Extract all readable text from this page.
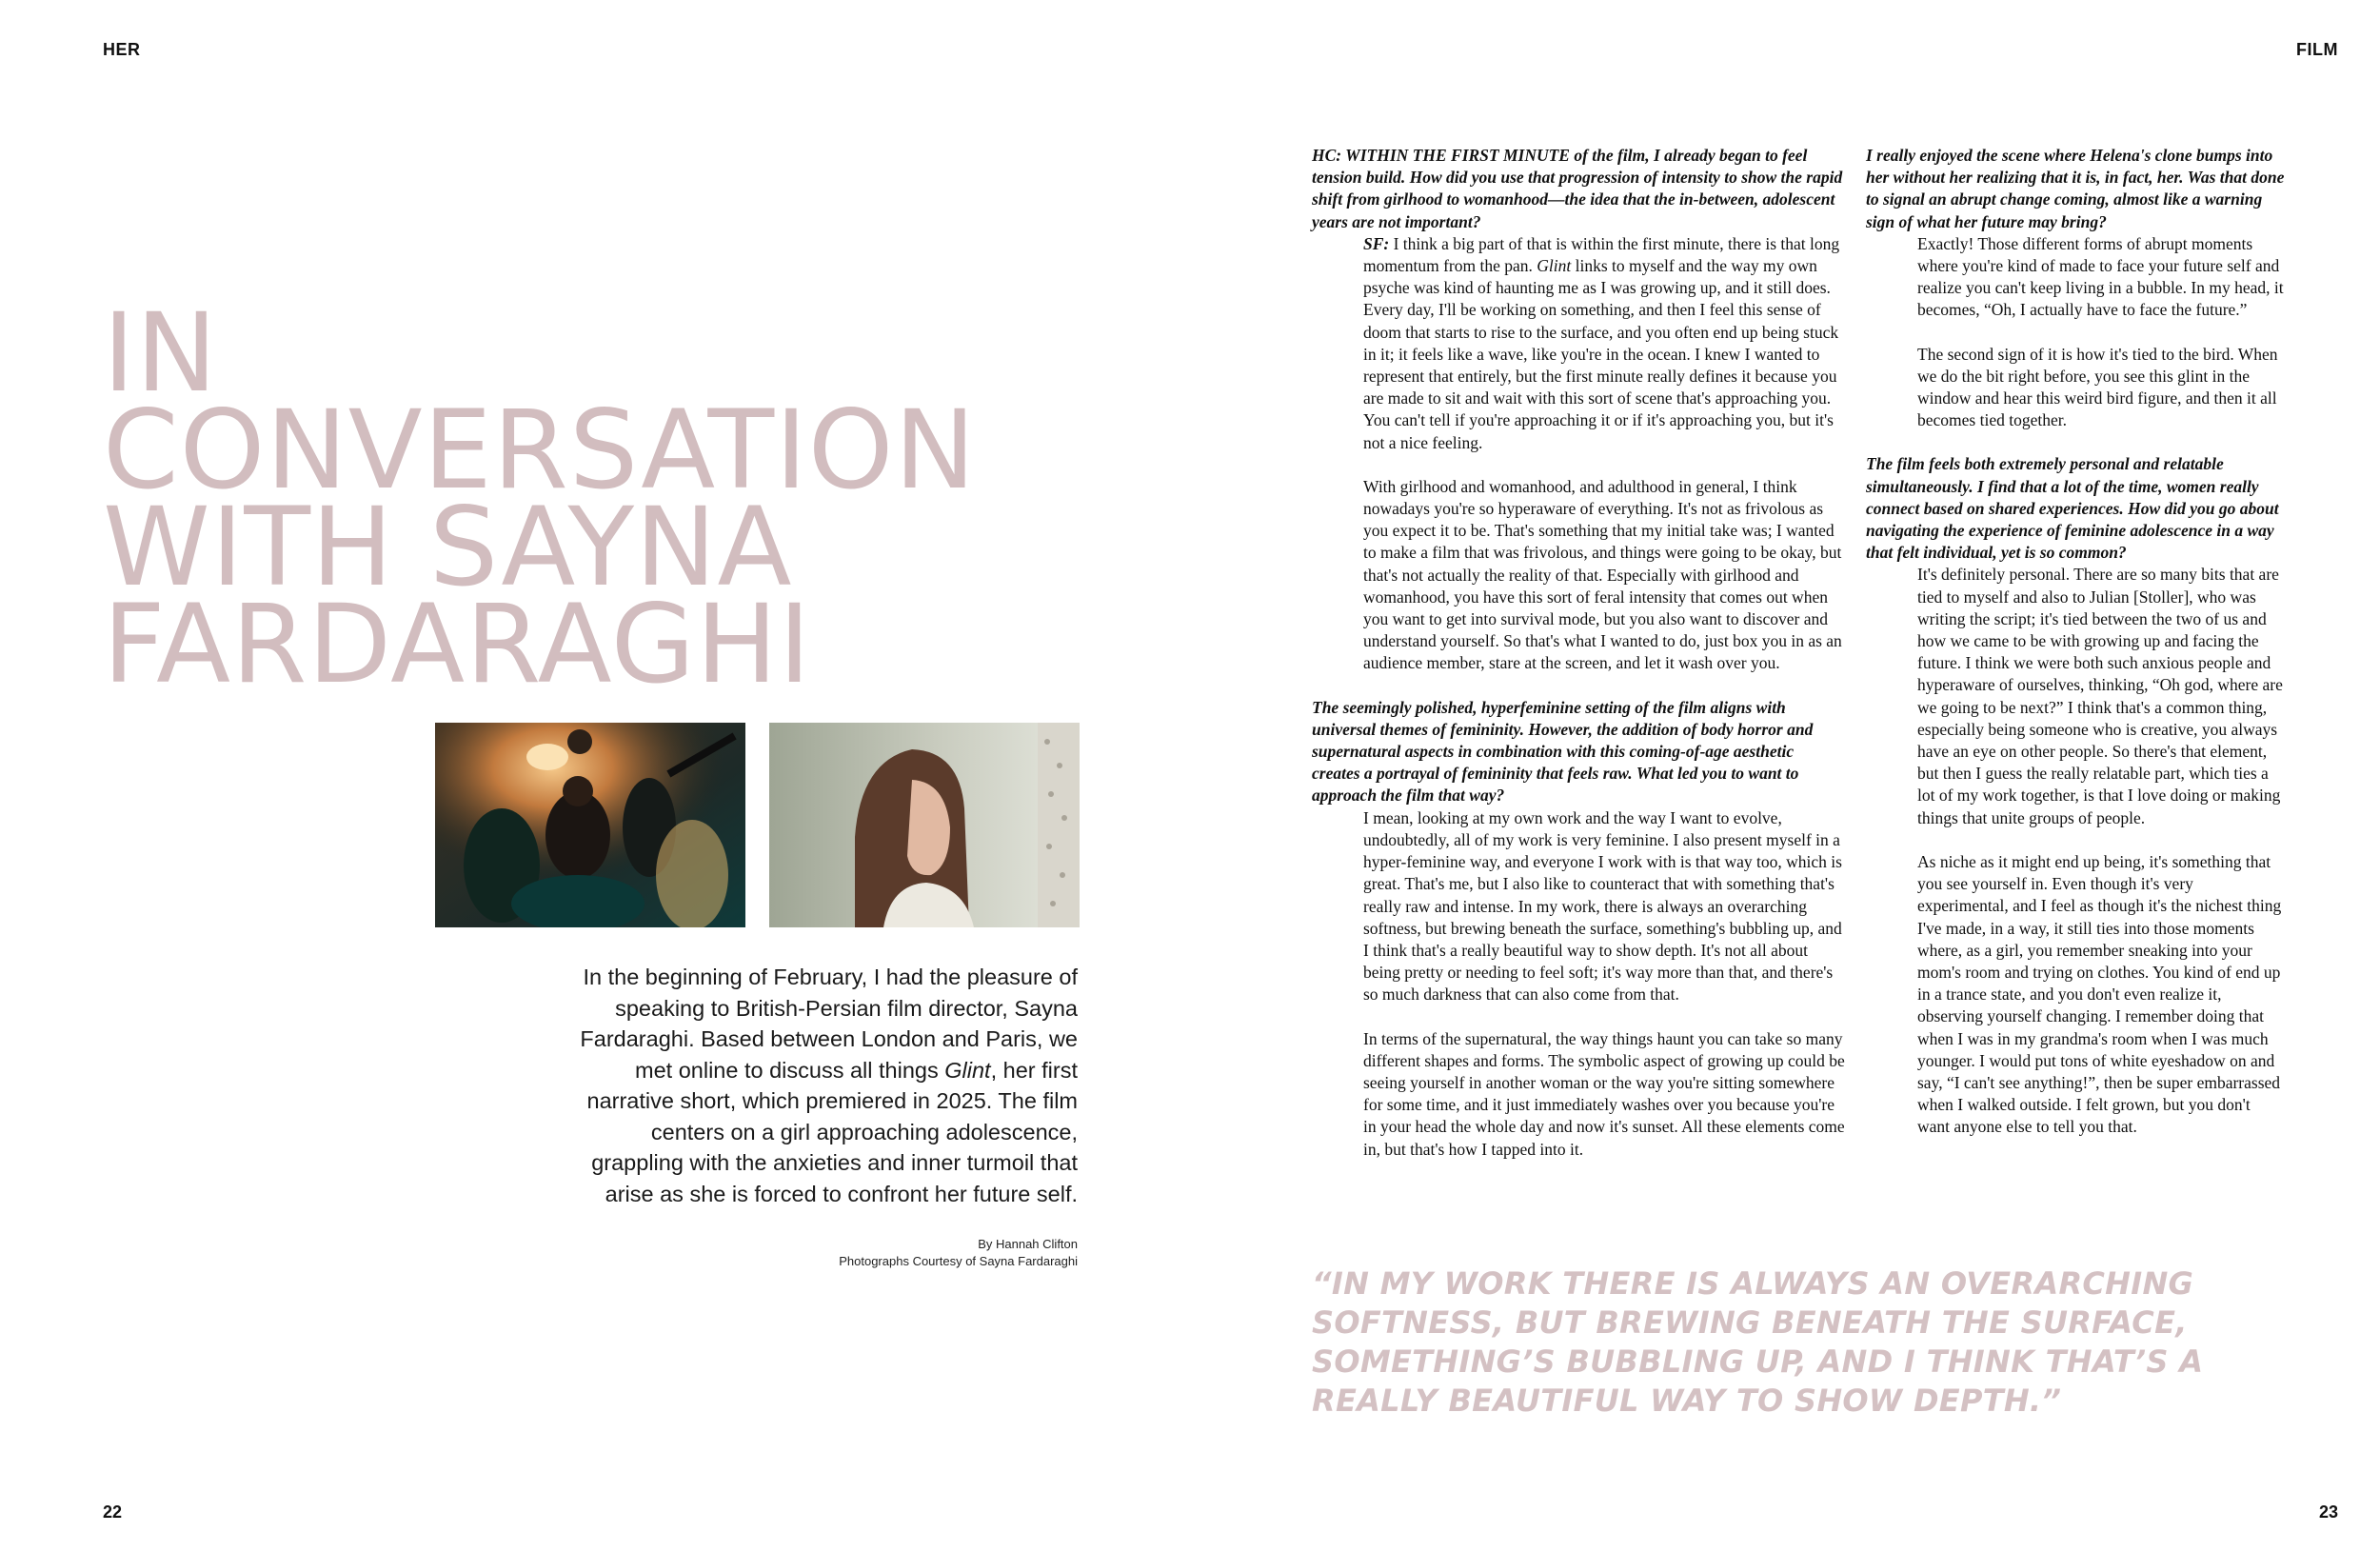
HER	FILM
IN
CONVERSATION
WITH SAYNA
FARDARAGHI
In the beginning of February, I had the pleasure of speaking to British-Persian film director, Sayna Fardaraghi. Based between London and Paris, we met online to discuss all things Glint, her first narrative short, which premiered in 2025. The film centers on a girl approaching adolescence, grappling with the anxieties and inner turmoil that arise as she is forced to confront her future self.
By Hannah Clifton
Photographs Courtesy of Sayna Fardaraghi

HC: WITHIN THE FIRST MINUTE of the film, I already began to feel tension build. How did you use that progression of intensity to show the rapid shift from girlhood to womanhood—the idea that the in-between, adolescent years are not important?

SF: I think a big part of that is within the first minute, there is that long momentum from the pan. Glint links to myself and the way my own psyche was kind of haunting me as I was growing up, and it still does. Every day, I'll be working on something, and then I feel this sense of doom that starts to rise to the surface, and you often end up being stuck in it; it feels like a wave, like you're in the ocean. I knew I wanted to represent that entirely, but the first minute really defines it because you are made to sit and wait with this sort of scene that's approaching you. You can't tell if you're approaching it or if it's approaching you, but it's not a nice feeling.

With girlhood and womanhood, and adulthood in general, I think nowadays you're so hyperaware of everything. It's not as frivolous as you expect it to be. That's something that my initial take was; I wanted to make a film that was frivolous, and things were going to be okay, but that's not actually the reality of that. Especially with girlhood and womanhood, you have this sort of feral intensity that comes out when you want to get into survival mode, but you also want to discover and understand yourself. So that's what I wanted to do, just box you in as an audience member, stare at the screen, and let it wash over you.

The seemingly polished, hyperfeminine setting of the film aligns with universal themes of femininity. However, the addition of body horror and supernatural aspects in combination with this coming-of-age aesthetic creates a portrayal of femininity that feels raw. What led you to want to approach the film that way?

I mean, looking at my own work and the way I want to evolve, undoubtedly, all of my work is very feminine. I also present myself in a hyper-feminine way, and everyone I work with is that way too, which is great. That's me, but I also like to counteract that with something that's really raw and intense. In my work, there is always an overarching softness, but brewing beneath the surface, something's bubbling up, and I think that's a really beautiful way to show depth. It's not all about being pretty or needing to feel soft; it's way more than that, and there's so much darkness that can also come from that.

In terms of the supernatural, the way things haunt you can take so many different shapes and forms. The symbolic aspect of growing up could be seeing yourself in another woman or the way you're sitting somewhere for some time, and it just immediately washes over you because you're in your head the whole day and now it's sunset. All these elements come in, but that's how I tapped into it.

I really enjoyed the scene where Helena's clone bumps into her without her realizing that it is, in fact, her. Was that done to signal an abrupt change coming, almost like a warning sign of what her future may bring?

Exactly! Those different forms of abrupt moments where you're kind of made to face your future self and realize you can't keep living in a bubble. In my head, it becomes, “Oh, I actually have to face the future.”

The second sign of it is how it's tied to the bird. When we do the bit right before, you see this glint in the window and hear this weird bird figure, and then it all becomes tied together.

The film feels both extremely personal and relatable simultaneously. I find that a lot of the time, women really connect based on shared experiences. How did you go about navigating the experience of feminine adolescence in a way that felt individual, yet is so common?

It's definitely personal. There are so many bits that are tied to myself and also to Julian [Stoller], who was writing the script; it's tied between the two of us and how we came to be with growing up and facing the future. I think we were both such anxious people and hyperaware of ourselves, thinking, “Oh god, where are we going to be next?” I think that's a common thing, especially being someone who is creative, you always have an eye on other people. So there's that element, but then I guess the really relatable part, which ties a lot of my work together, is that I love doing or making things that unite groups of people.

As niche as it might end up being, it's something that you see yourself in. Even though it's very experimental, and I feel as though it's the nichest thing I've made, in a way, it still ties into those moments where, as a girl, you remember sneaking into your mom's room and trying on clothes. You kind of end up in a trance state, and you don't even realize it, observing yourself changing. I remember doing that when I was in my grandma's room when I was much younger. I would put tons of white eyeshadow on and say, “I can't see anything!”, then be super embarrassed when I walked outside. I felt grown, but you don't want anyone else to tell you that.

“IN MY WORK THERE IS ALWAYS AN OVERARCHING SOFTNESS, BUT BREWING BENEATH THE SURFACE, SOMETHING’S BUBBLING UP, AND I THINK THAT’S A REALLY BEAUTIFUL WAY TO SHOW DEPTH.”
22	23
